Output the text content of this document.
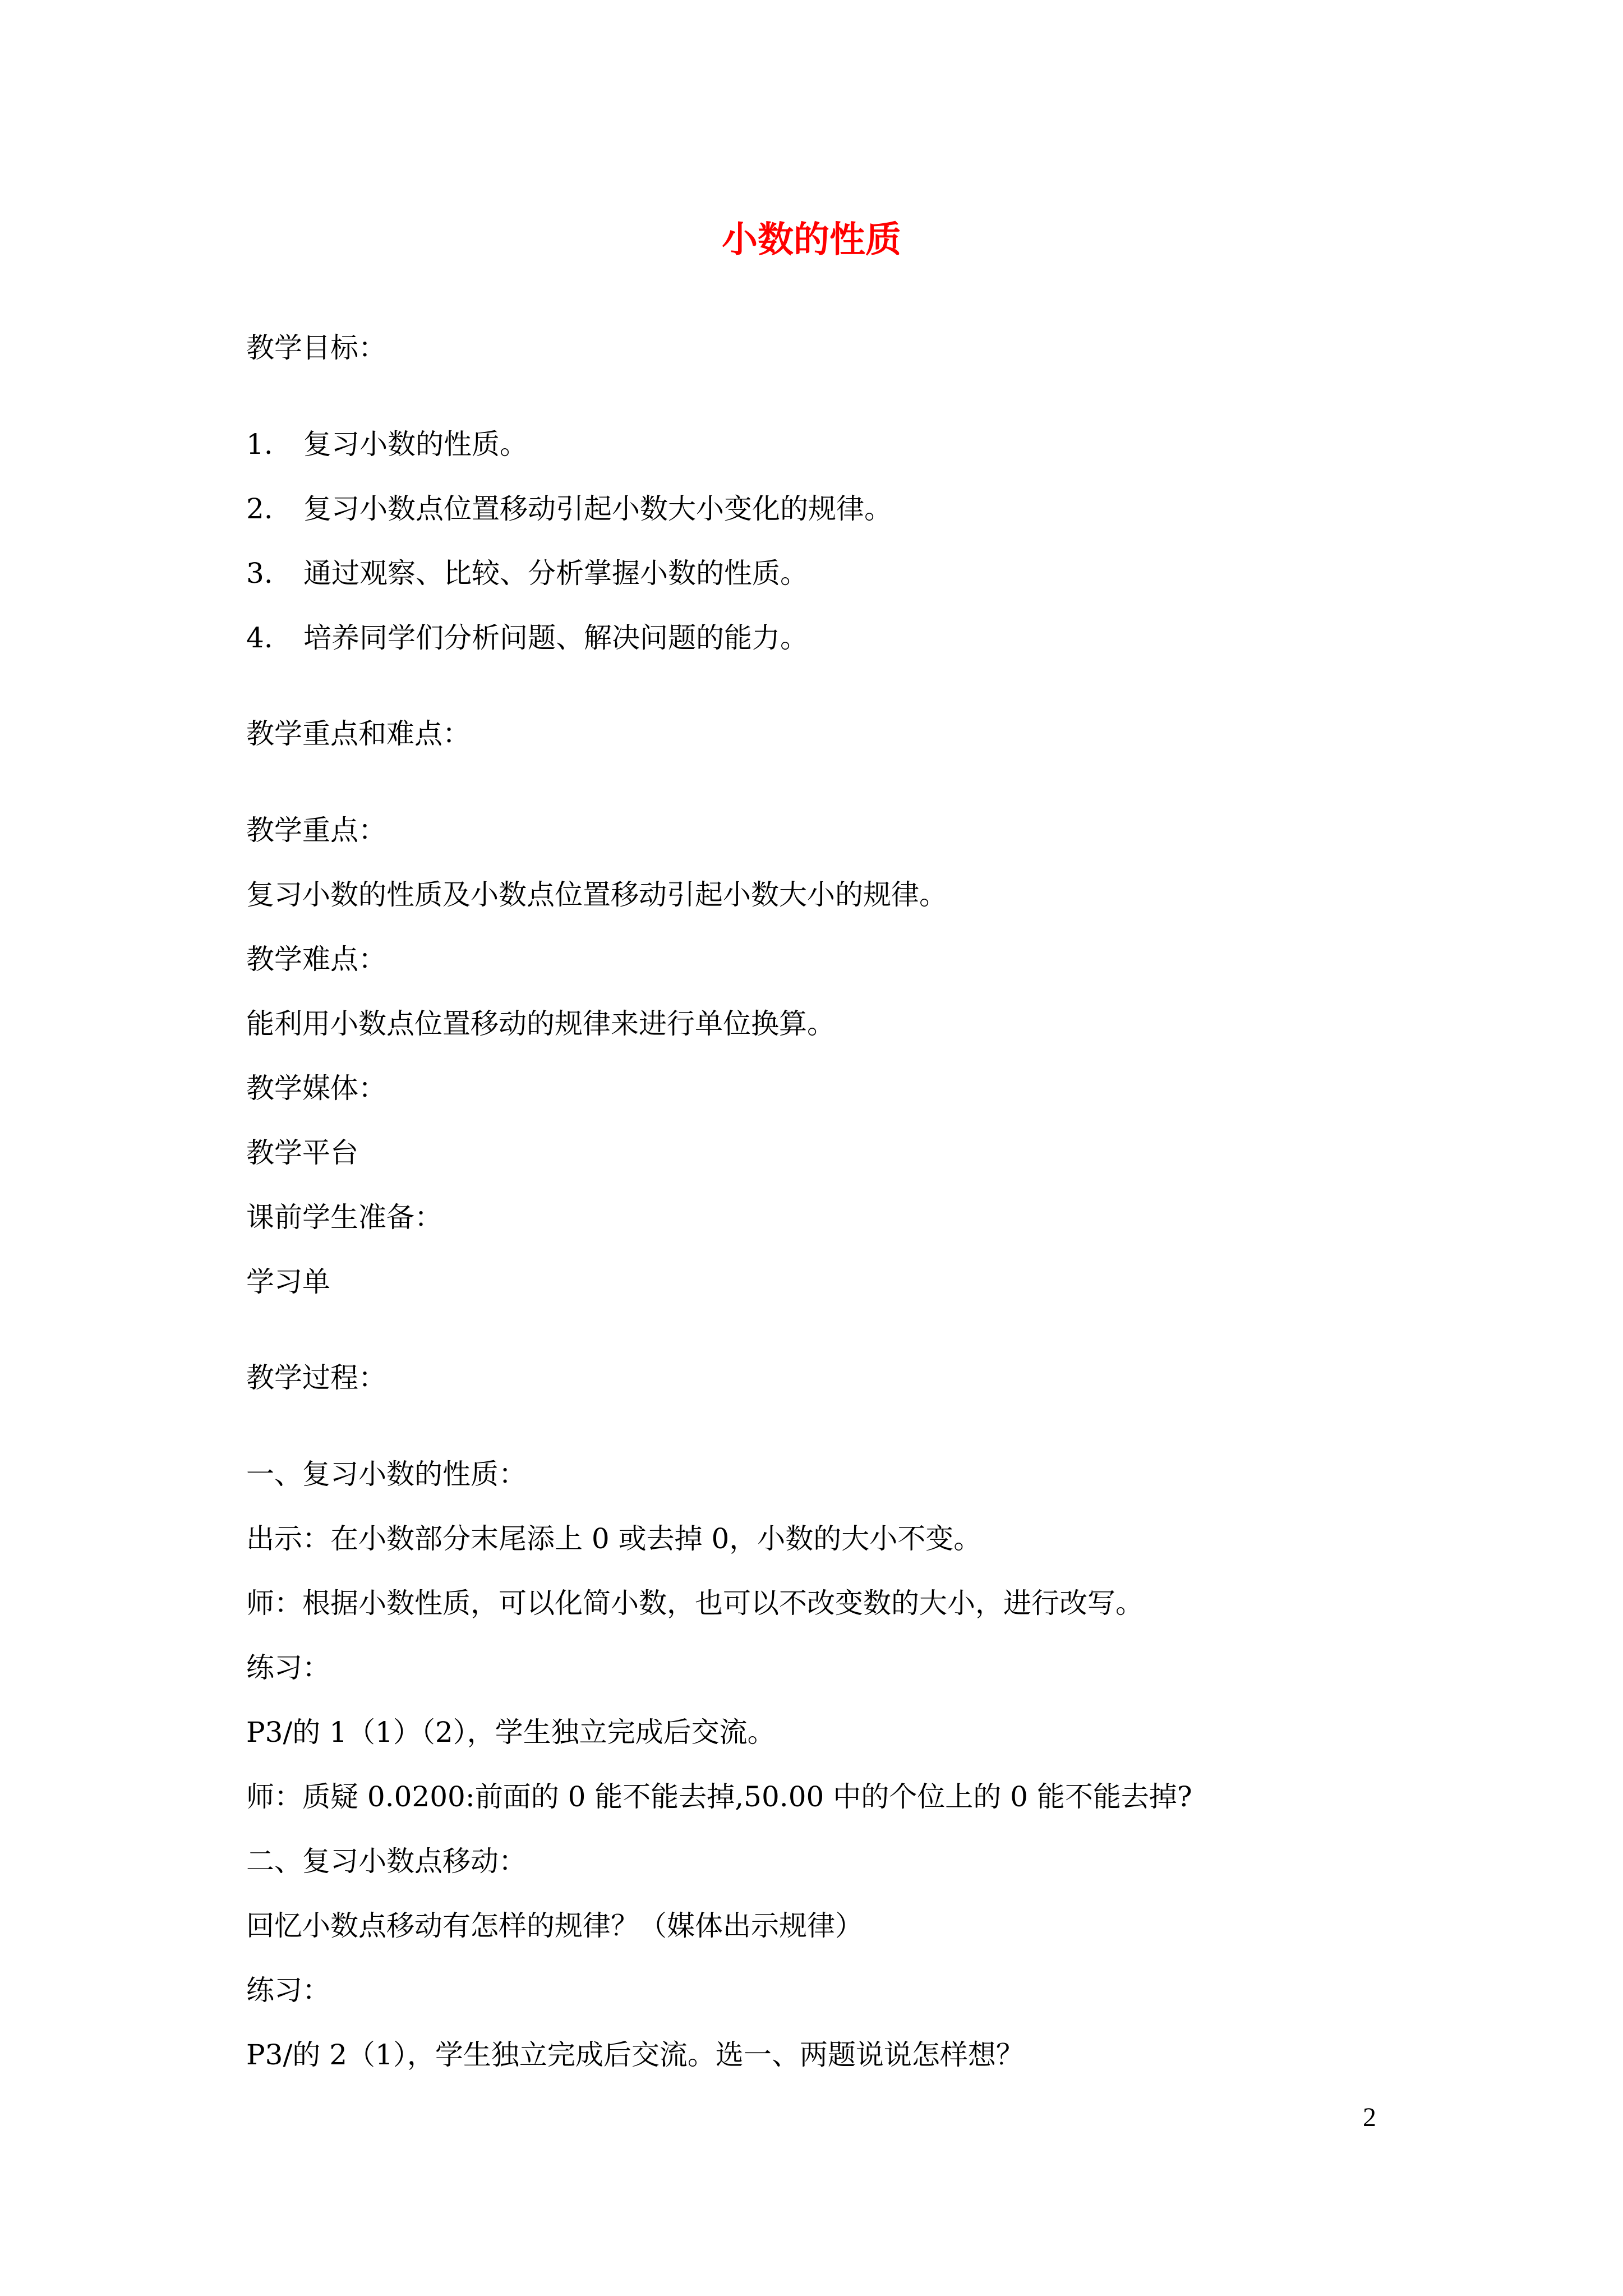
小数的性质
教学目标：
1. 复习小数的性质。
2. 复习小数点位置移动引起小数大小变化的规律。
3. 通过观察、比较、分析掌握小数的性质。
4. 培养同学们分析问题、解决问题的能力。
教学重点和难点：
教学重点：
复习小数的性质及小数点位置移动引起小数大小的规律。
教学难点：
能利用小数点位置移动的规律来进行单位换算。
教学媒体：
教学平台
课前学生准备：
学习单
教学过程：
一、复习小数的性质：
出示：在小数部分末尾添上 0 或去掉 0，小数的大小不变。
师：根据小数性质，可以化简小数，也可以不改变数的大小，进行改写。
练习：
P3/的 1（1）（2），学生独立完成后交流。
师：质疑 0.0200:前面的 0 能不能去掉,50.00 中的个位上的 0 能不能去掉?
二、复习小数点移动：
回忆小数点移动有怎样的规律？（媒体出示规律）
练习：
P3/的 2（1），学生独立完成后交流。选一、两题说说怎样想？
2
